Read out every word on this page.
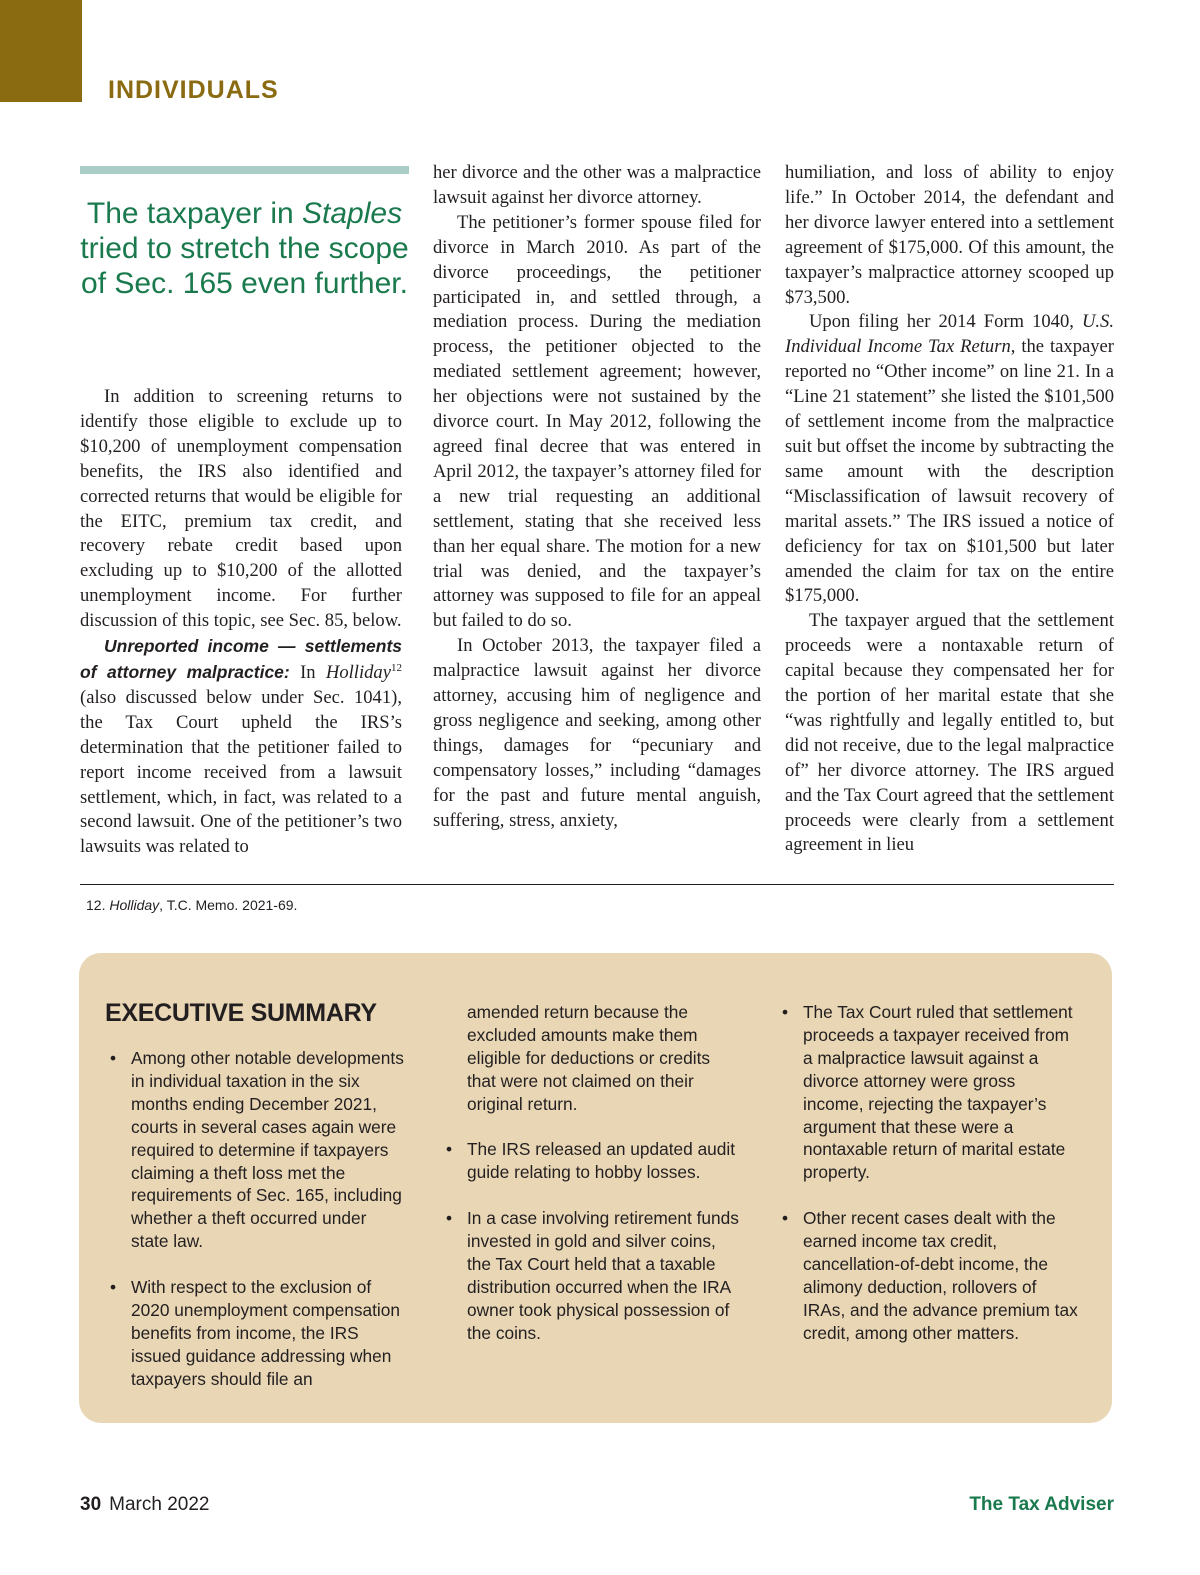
INDIVIDUALS
The taxpayer in Staples tried to stretch the scope of Sec. 165 even further.

In addition to screening returns to identify those eligible to exclude up to $10,200 of unemployment compensation benefits, the IRS also identified and corrected returns that would be eligible for the EITC, premium tax credit, and recovery rebate credit based upon excluding up to $10,200 of the allotted unemployment income. For further discussion of this topic, see Sec. 85, below.

Unreported income — settlements of attorney malpractice: In Holliday$^{12}$ (also discussed below under Sec. 1041), the Tax Court upheld the IRS’s determination that the petitioner failed to report income received from a lawsuit settlement, which, in fact, was related to a second lawsuit. One of the petitioner’s two lawsuits was related to

her divorce and the other was a malpractice lawsuit against her divorce attorney.

The petitioner’s former spouse filed for divorce in March 2010. As part of the divorce proceedings, the petitioner participated in, and settled through, a mediation process. During the mediation process, the petitioner objected to the mediated settlement agreement; however, her objections were not sustained by the divorce court. In May 2012, following the agreed final decree that was entered in April 2012, the taxpayer’s attorney filed for a new trial requesting an additional settlement, stating that she received less than her equal share. The motion for a new trial was denied, and the taxpayer’s attorney was supposed to file for an appeal but failed to do so.

In October 2013, the taxpayer filed a malpractice lawsuit against her divorce attorney, accusing him of negligence and gross negligence and seeking, among other things, damages for “pecuniary and compensatory losses,” including “damages for the past and future mental anguish, suffering, stress, anxiety,

humiliation, and loss of ability to enjoy life.” In October 2014, the defendant and her divorce lawyer entered into a settlement agreement of $175,000. Of this amount, the taxpayer’s malpractice attorney scooped up $73,500.

Upon filing her 2014 Form 1040, U.S. Individual Income Tax Return, the taxpayer reported no “Other income” on line 21. In a “Line 21 statement” she listed the $101,500 of settlement income from the malpractice suit but offset the income by subtracting the same amount with the description “Misclassification of lawsuit recovery of marital assets.” The IRS issued a notice of deficiency for tax on $101,500 but later amended the claim for tax on the entire $175,000.

The taxpayer argued that the settlement proceeds were a nontaxable return of capital because they compensated her for the portion of her marital estate that she “was rightfully and legally entitled to, but did not receive, due to the legal malpractice of” her divorce attorney. The IRS argued and the Tax Court agreed that the settlement proceeds were clearly from a settlement agreement in lieu

12. Holliday, T.C. Memo. 2021-69.

EXECUTIVE SUMMARY
• Among other notable developments in individual taxation in the six months ending December 2021, courts in several cases again were required to determine if taxpayers claiming a theft loss met the requirements of Sec. 165, including whether a theft occurred under state law.
• With respect to the exclusion of 2020 unemployment compensation benefits from income, the IRS issued guidance addressing when taxpayers should file an
amended return because the excluded amounts make them eligible for deductions or credits that were not claimed on their original return.
• The IRS released an updated audit guide relating to hobby losses.
• In a case involving retirement funds invested in gold and silver coins, the Tax Court held that a taxable distribution occurred when the IRA owner took physical possession of the coins.
• The Tax Court ruled that settlement proceeds a taxpayer received from a malpractice lawsuit against a divorce attorney were gross income, rejecting the taxpayer’s argument that these were a nontaxable return of marital estate property.
• Other recent cases dealt with the earned income tax credit, cancellation-of-debt income, the alimony deduction, rollovers of IRAs, and the advance premium tax credit, among other matters.

30 March 2022	The Tax Adviser
